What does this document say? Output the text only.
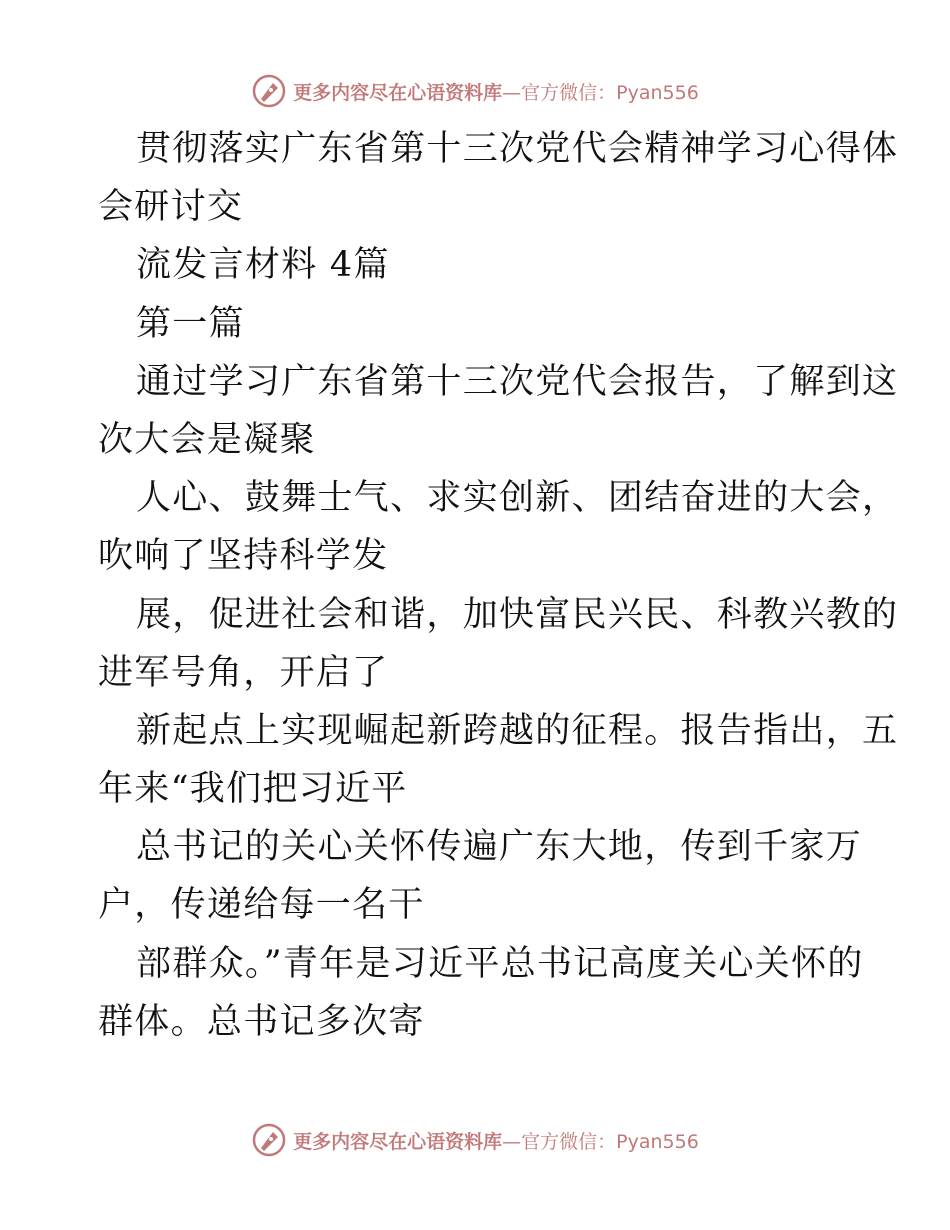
更多内容尽在心语资料库 —官方微信：Pyan556
贯彻落实广东省第十三次党代会精神学习心得体
会研讨交
流发言材料 4篇
第一篇
通过学习广东省第十三次党代会报告，了解到这
次大会是凝聚
人心、鼓舞士气、求实创新、团结奋进的大会，
吹响了坚持科学发
展，促进社会和谐，加快富民兴民、科教兴教的
进军号角，开启了
新起点上实现崛起新跨越的征程。报告指出，五
年来“我们把习近平
总书记的关心关怀传遍广东大地，传到千家万
户，传递给每一名干
部群众。”青年是习近平总书记高度关心关怀的
群体。总书记多次寄
更多内容尽在心语资料库 —官方微信：Pyan556
